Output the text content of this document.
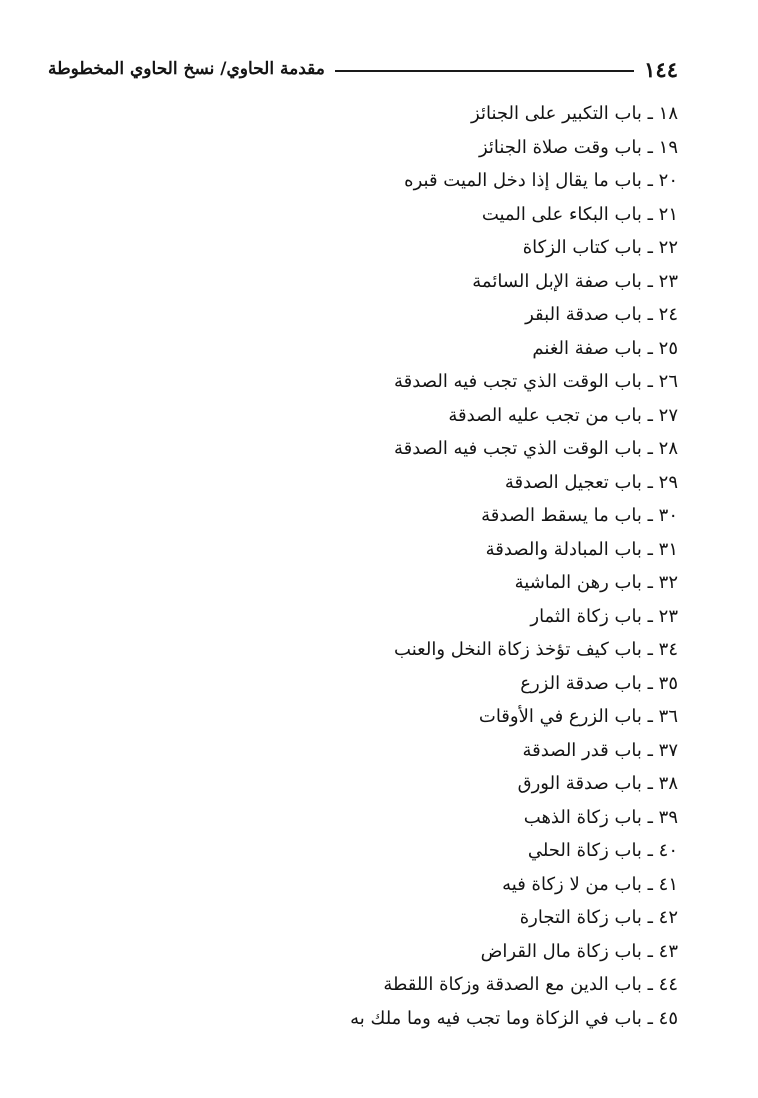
١٤٤
مقدمة الحاوي/ نسخ الحاوي المخطوطة
١٨ ـ باب التكبير على الجنائز
١٩ ـ باب وقت صلاة الجنائز
٢٠ ـ باب ما يقال إذا دخل الميت قبره
٢١ ـ باب البكاء على الميت
٢٢ ـ باب كتاب الزكاة
٢٣ ـ باب صفة الإبل السائمة
٢٤ ـ باب صدقة البقر
٢٥ ـ باب صفة الغنم
٢٦ ـ باب الوقت الذي تجب فيه الصدقة
٢٧ ـ باب من تجب عليه الصدقة
٢٨ ـ باب الوقت الذي تجب فيه الصدقة
٢٩ ـ باب تعجيل الصدقة
٣٠ ـ باب ما يسقط الصدقة
٣١ ـ باب المبادلة والصدقة
٣٢ ـ باب رهن الماشية
٢٣ ـ باب زكاة الثمار
٣٤ ـ باب كيف تؤخذ زكاة النخل والعنب
٣٥ ـ باب صدقة الزرع
٣٦ ـ باب الزرع في الأوقات
٣٧ ـ باب قدر الصدقة
٣٨ ـ باب صدقة الورق
٣٩ ـ باب زكاة الذهب
٤٠ ـ باب زكاة الحلي
٤١ ـ باب من لا زكاة فيه
٤٢ ـ باب زكاة التجارة
٤٣ ـ باب زكاة مال القراض
٤٤ ـ باب الدين مع الصدقة وزكاة اللقطة
٤٥ ـ باب في الزكاة وما تجب فيه وما ملك به
